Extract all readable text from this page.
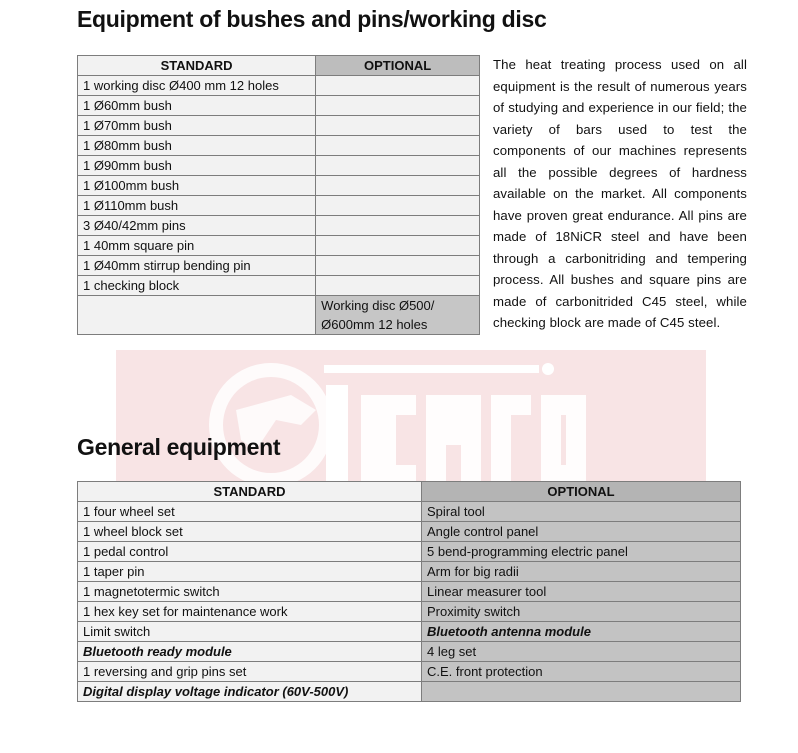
Equipment of bushes and pins/working disc
STANDARD	OPTIONAL
1 working disc Ø400 mm 12 holes	
1 Ø60mm bush	
1 Ø70mm bush	
1 Ø80mm bush	
1 Ø90mm bush	
1 Ø100mm bush	
1 Ø110mm bush	
3 Ø40/42mm pins	
1 40mm square pin	
1 Ø40mm stirrup bending pin	
1 checking block	
	Working disc Ø500/Ø600mm 12 holes

The heat treating process used on all equipment is the result of numerous years of studying and experience in our field; the variety of bars used to test the components of our machines represents all the possible degrees of hardness available on the market. All components have proven great endurance. All pins are made of 18NiCR steel and have been through a carbonitriding and tempering process. All bushes and square pins are made of carbonitrided C45 steel, while checking block are made of C45 steel.

General equipment
STANDARD	OPTIONAL
1 four wheel set	Spiral tool
1 wheel block set	Angle control panel
1 pedal control	5 bend-programming electric panel
1 taper pin	Arm for big radii
1 magnetotermic switch	Linear measurer tool
1 hex key set for maintenance work	Proximity switch
Limit switch	Bluetooth antenna module
Bluetooth ready module	4 leg set
1 reversing and grip pins set	C.E. front protection
Digital display voltage indicator (60V-500V)	
